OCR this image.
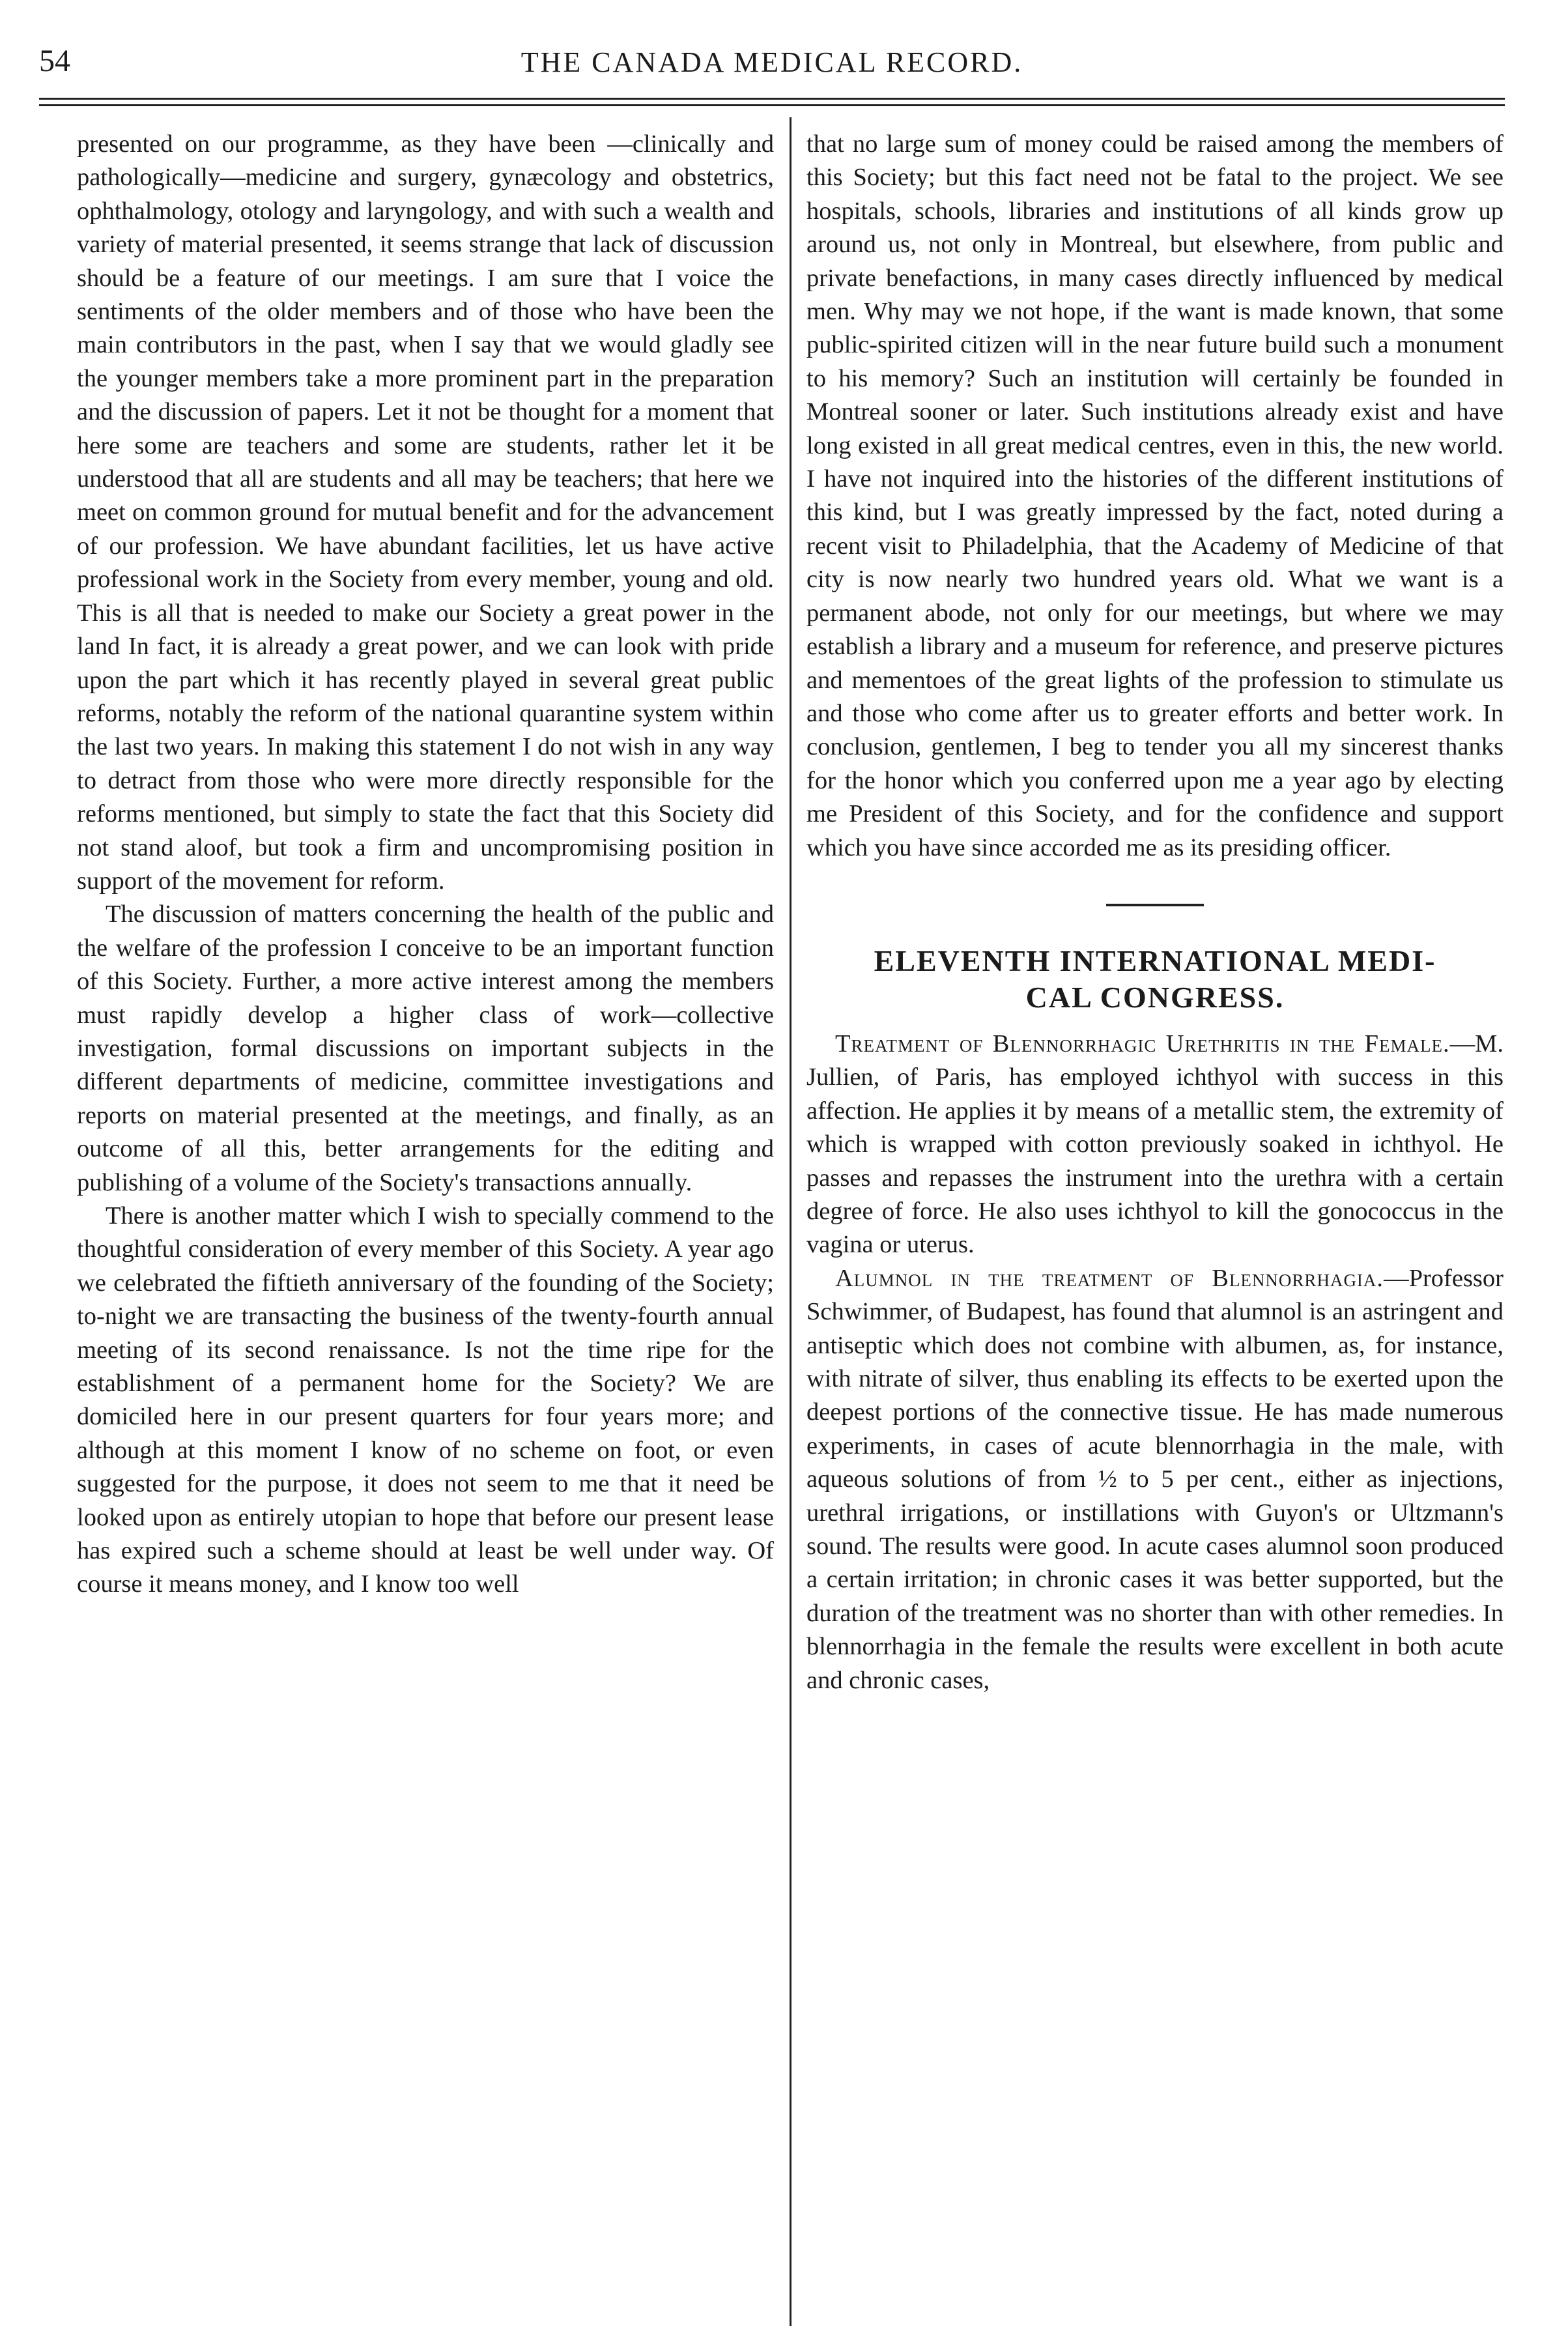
54	THE CANADA MEDICAL RECORD.

presented on our programme, as they have been —clinically and pathologically—medicine and surgery, gynæcology and obstetrics, ophthalmology, otology and laryngology, and with such a wealth and variety of material presented, it seems strange that lack of discussion should be a feature of our meetings. I am sure that I voice the sentiments of the older members and of those who have been the main contributors in the past, when I say that we would gladly see the younger members take a more prominent part in the preparation and the discussion of papers. Let it not be thought for a moment that here some are teachers and some are students, rather let it be understood that all are students and all may be teachers; that here we meet on common ground for mutual benefit and for the advancement of our profession. We have abundant facilities, let us have active professional work in the Society from every member, young and old. This is all that is needed to make our Society a great power in the land In fact, it is already a great power, and we can look with pride upon the part which it has recently played in several great public reforms, notably the reform of the national quarantine system within the last two years. In making this statement I do not wish in any way to detract from those who were more directly responsible for the reforms mentioned, but simply to state the fact that this Society did not stand aloof, but took a firm and uncompromising position in support of the movement for reform.

The discussion of matters concerning the health of the public and the welfare of the profession I conceive to be an important function of this Society. Further, a more active interest among the members must rapidly develop a higher class of work—collective investigation, formal discussions on important subjects in the different departments of medicine, committee investigations and reports on material presented at the meetings, and finally, as an outcome of all this, better arrangements for the editing and publishing of a volume of the Society's transactions annually.

There is another matter which I wish to specially commend to the thoughtful consideration of every member of this Society. A year ago we celebrated the fiftieth anniversary of the founding of the Society; to-night we are transacting the business of the twenty-fourth annual meeting of its second renaissance. Is not the time ripe for the establishment of a permanent home for the Society? We are domiciled here in our present quarters for four years more; and although at this moment I know of no scheme on foot, or even suggested for the purpose, it does not seem to me that it need be looked upon as entirely utopian to hope that before our present lease has expired such a scheme should at least be well under way. Of course it means money, and I know too well

that no large sum of money could be raised among the members of this Society; but this fact need not be fatal to the project. We see hospitals, schools, libraries and institutions of all kinds grow up around us, not only in Montreal, but elsewhere, from public and private benefactions, in many cases directly influenced by medical men. Why may we not hope, if the want is made known, that some public-spirited citizen will in the near future build such a monument to his memory? Such an institution will certainly be founded in Montreal sooner or later. Such institutions already exist and have long existed in all great medical centres, even in this, the new world. I have not inquired into the histories of the different institutions of this kind, but I was greatly impressed by the fact, noted during a recent visit to Philadelphia, that the Academy of Medicine of that city is now nearly two hundred years old. What we want is a permanent abode, not only for our meetings, but where we may establish a library and a museum for reference, and preserve pictures and mementoes of the great lights of the profession to stimulate us and those who come after us to greater efforts and better work. In conclusion, gentlemen, I beg to tender you all my sincerest thanks for the honor which you conferred upon me a year ago by electing me President of this Society, and for the confidence and support which you have since accorded me as its presiding officer.

ELEVENTH INTERNATIONAL MEDI-
CAL CONGRESS.

Treatment of Blennorrhagic Urethritis in the Female.—M. Jullien, of Paris, has employed ichthyol with success in this affection. He applies it by means of a metallic stem, the extremity of which is wrapped with cotton previously soaked in ichthyol. He passes and repasses the instrument into the urethra with a certain degree of force. He also uses ichthyol to kill the gonococcus in the vagina or uterus.

Alumnol in the treatment of Blennorrhagia.—Professor Schwimmer, of Budapest, has found that alumnol is an astringent and antiseptic which does not combine with albumen, as, for instance, with nitrate of silver, thus enabling its effects to be exerted upon the deepest portions of the connective tissue. He has made numerous experiments, in cases of acute blennorrhagia in the male, with aqueous solutions of from ½ to 5 per cent., either as injections, urethral irrigations, or instillations with Guyon's or Ultzmann's sound. The results were good. In acute cases alumnol soon produced a certain irritation; in chronic cases it was better supported, but the duration of the treatment was no shorter than with other remedies. In blennorrhagia in the female the results were excellent in both acute and chronic cases,
